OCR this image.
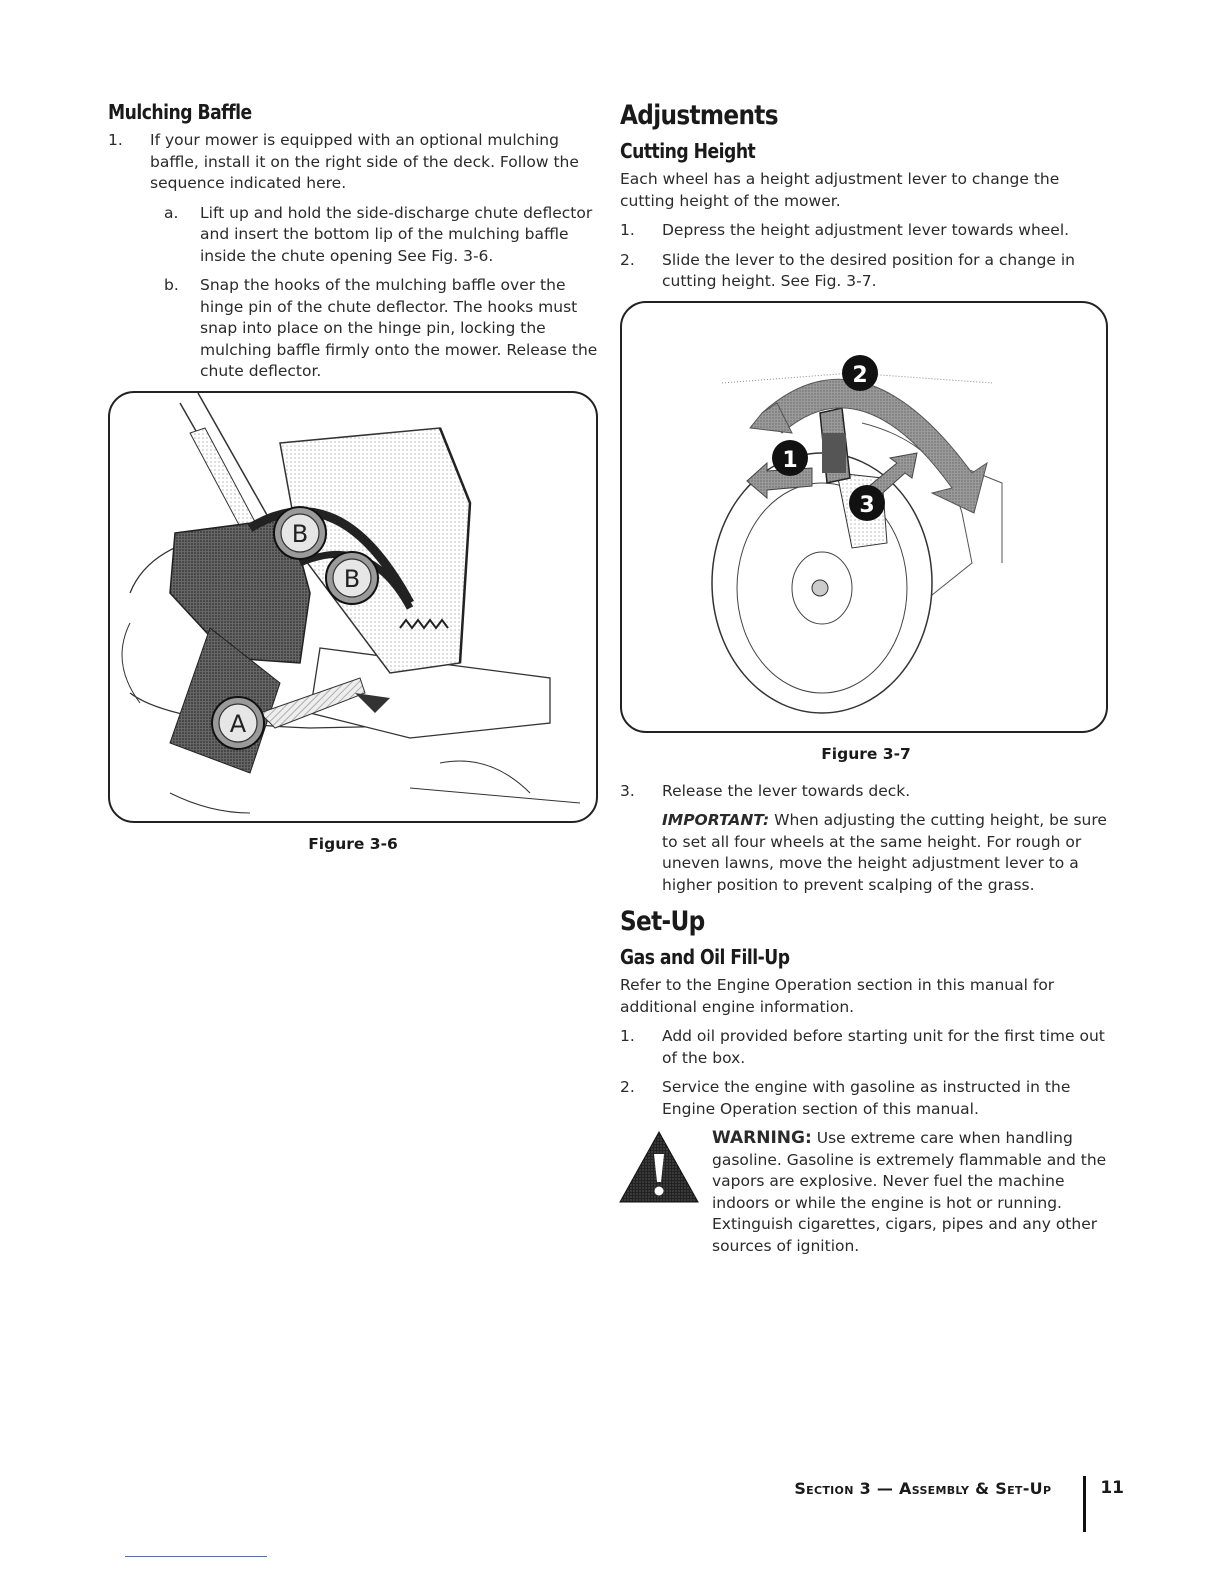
Mulching Baffle
1.	If your mower is equipped with an optional mulching baffle, install it on the right side of the deck. Follow the sequence indicated here.
a. Lift up and hold the side-discharge chute deflector and insert the bottom lip of the mulching baffle inside the chute opening See Fig. 3-6.
b. Snap the hooks of the mulching baffle over the hinge pin of the chute deflector. The hooks must snap into place on the hinge pin, locking the mulching baffle firmly onto the mower. Release the chute deflector.
B
B
A
Figure 3-6
Adjustments
Cutting Height

Each wheel has a height adjustment lever to change the cutting height of the mower.

1.	Depress the height adjustment lever towards wheel.
2.	Slide the lever to the desired position for a change in cutting height. See Fig. 3-7.
2
1
3
Figure 3-7
3.	Release the lever towards deck.
IMPORTANT: When adjusting the cutting height, be sure to set all four wheels at the same height. For rough or uneven lawns, move the height adjustment lever to a higher position to prevent scalping of the grass.
Set-Up
Gas and Oil Fill-Up

Refer to the Engine Operation section in this manual for additional engine information.

1.	Add oil provided before starting unit for the first time out of the box.
2.	Service the engine with gasoline as instructed in the Engine Operation section of this manual.
WARNING: Use extreme care when handling gasoline. Gasoline is extremely flammable and the vapors are explosive. Never fuel the machine indoors or while the engine is hot or running. Extinguish cigarettes, cigars, pipes and any other sources of ignition.
Section 3 — Assembly & Set-Up	11
